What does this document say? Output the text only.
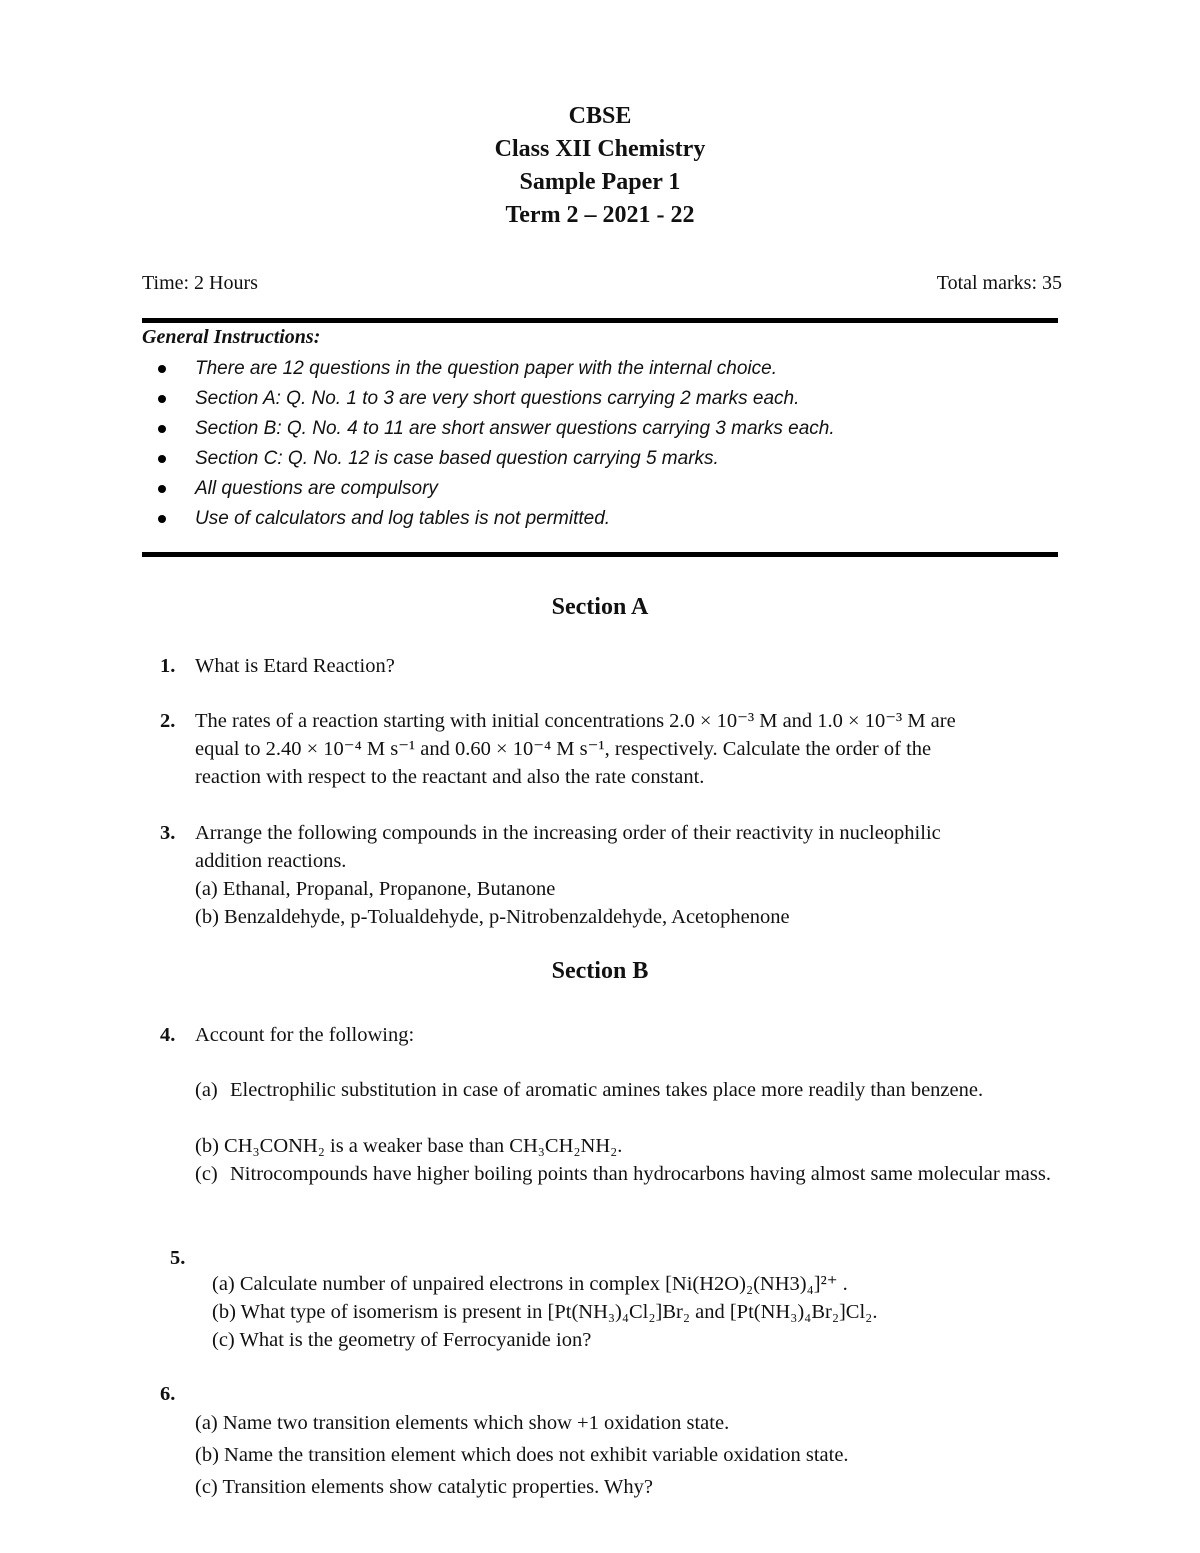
CBSE
Class XII Chemistry
Sample Paper 1
Term 2 – 2021 - 22
Time: 2 Hours	Total marks: 35
General Instructions:
There are 12 questions in the question paper with the internal choice.
Section A: Q. No. 1 to 3 are very short questions carrying 2 marks each.
Section B: Q. No. 4 to 11 are short answer questions carrying 3 marks each.
Section C: Q. No. 12 is case based question carrying 5 marks.
All questions are compulsory
Use of calculators and log tables is not permitted.
Section A
1. What is Etard Reaction?
2. The rates of a reaction starting with initial concentrations 2.0 × 10⁻³ M and 1.0 × 10⁻³ M are
equal to 2.40 × 10⁻⁴ M s⁻¹ and 0.60 × 10⁻⁴ M s⁻¹, respectively. Calculate the order of the
reaction with respect to the reactant and also the rate constant.
3. Arrange the following compounds in the increasing order of their reactivity in nucleophilic
addition reactions.
(a) Ethanal, Propanal, Propanone, Butanone
(b) Benzaldehyde, p-Tolualdehyde, p-Nitrobenzaldehyde, Acetophenone
Section B
4. Account for the following:
(a) Electrophilic substitution in case of aromatic amines takes place more readily than benzene.
(b) CH₃CONH₂ is a weaker base than CH₃CH₂NH₂.
(c) Nitrocompounds have higher boiling points than hydrocarbons having almost same molecular mass.
5.
(a) Calculate number of unpaired electrons in complex [Ni(H2O)₂(NH3)₄]²⁺ .
(b) What type of isomerism is present in [Pt(NH₃)₄Cl₂]Br₂ and [Pt(NH₃)₄Br₂]Cl₂.
(c) What is the geometry of Ferrocyanide ion?
6.
(a) Name two transition elements which show +1 oxidation state.
(b) Name the transition element which does not exhibit variable oxidation state.
(c) Transition elements show catalytic properties. Why?
